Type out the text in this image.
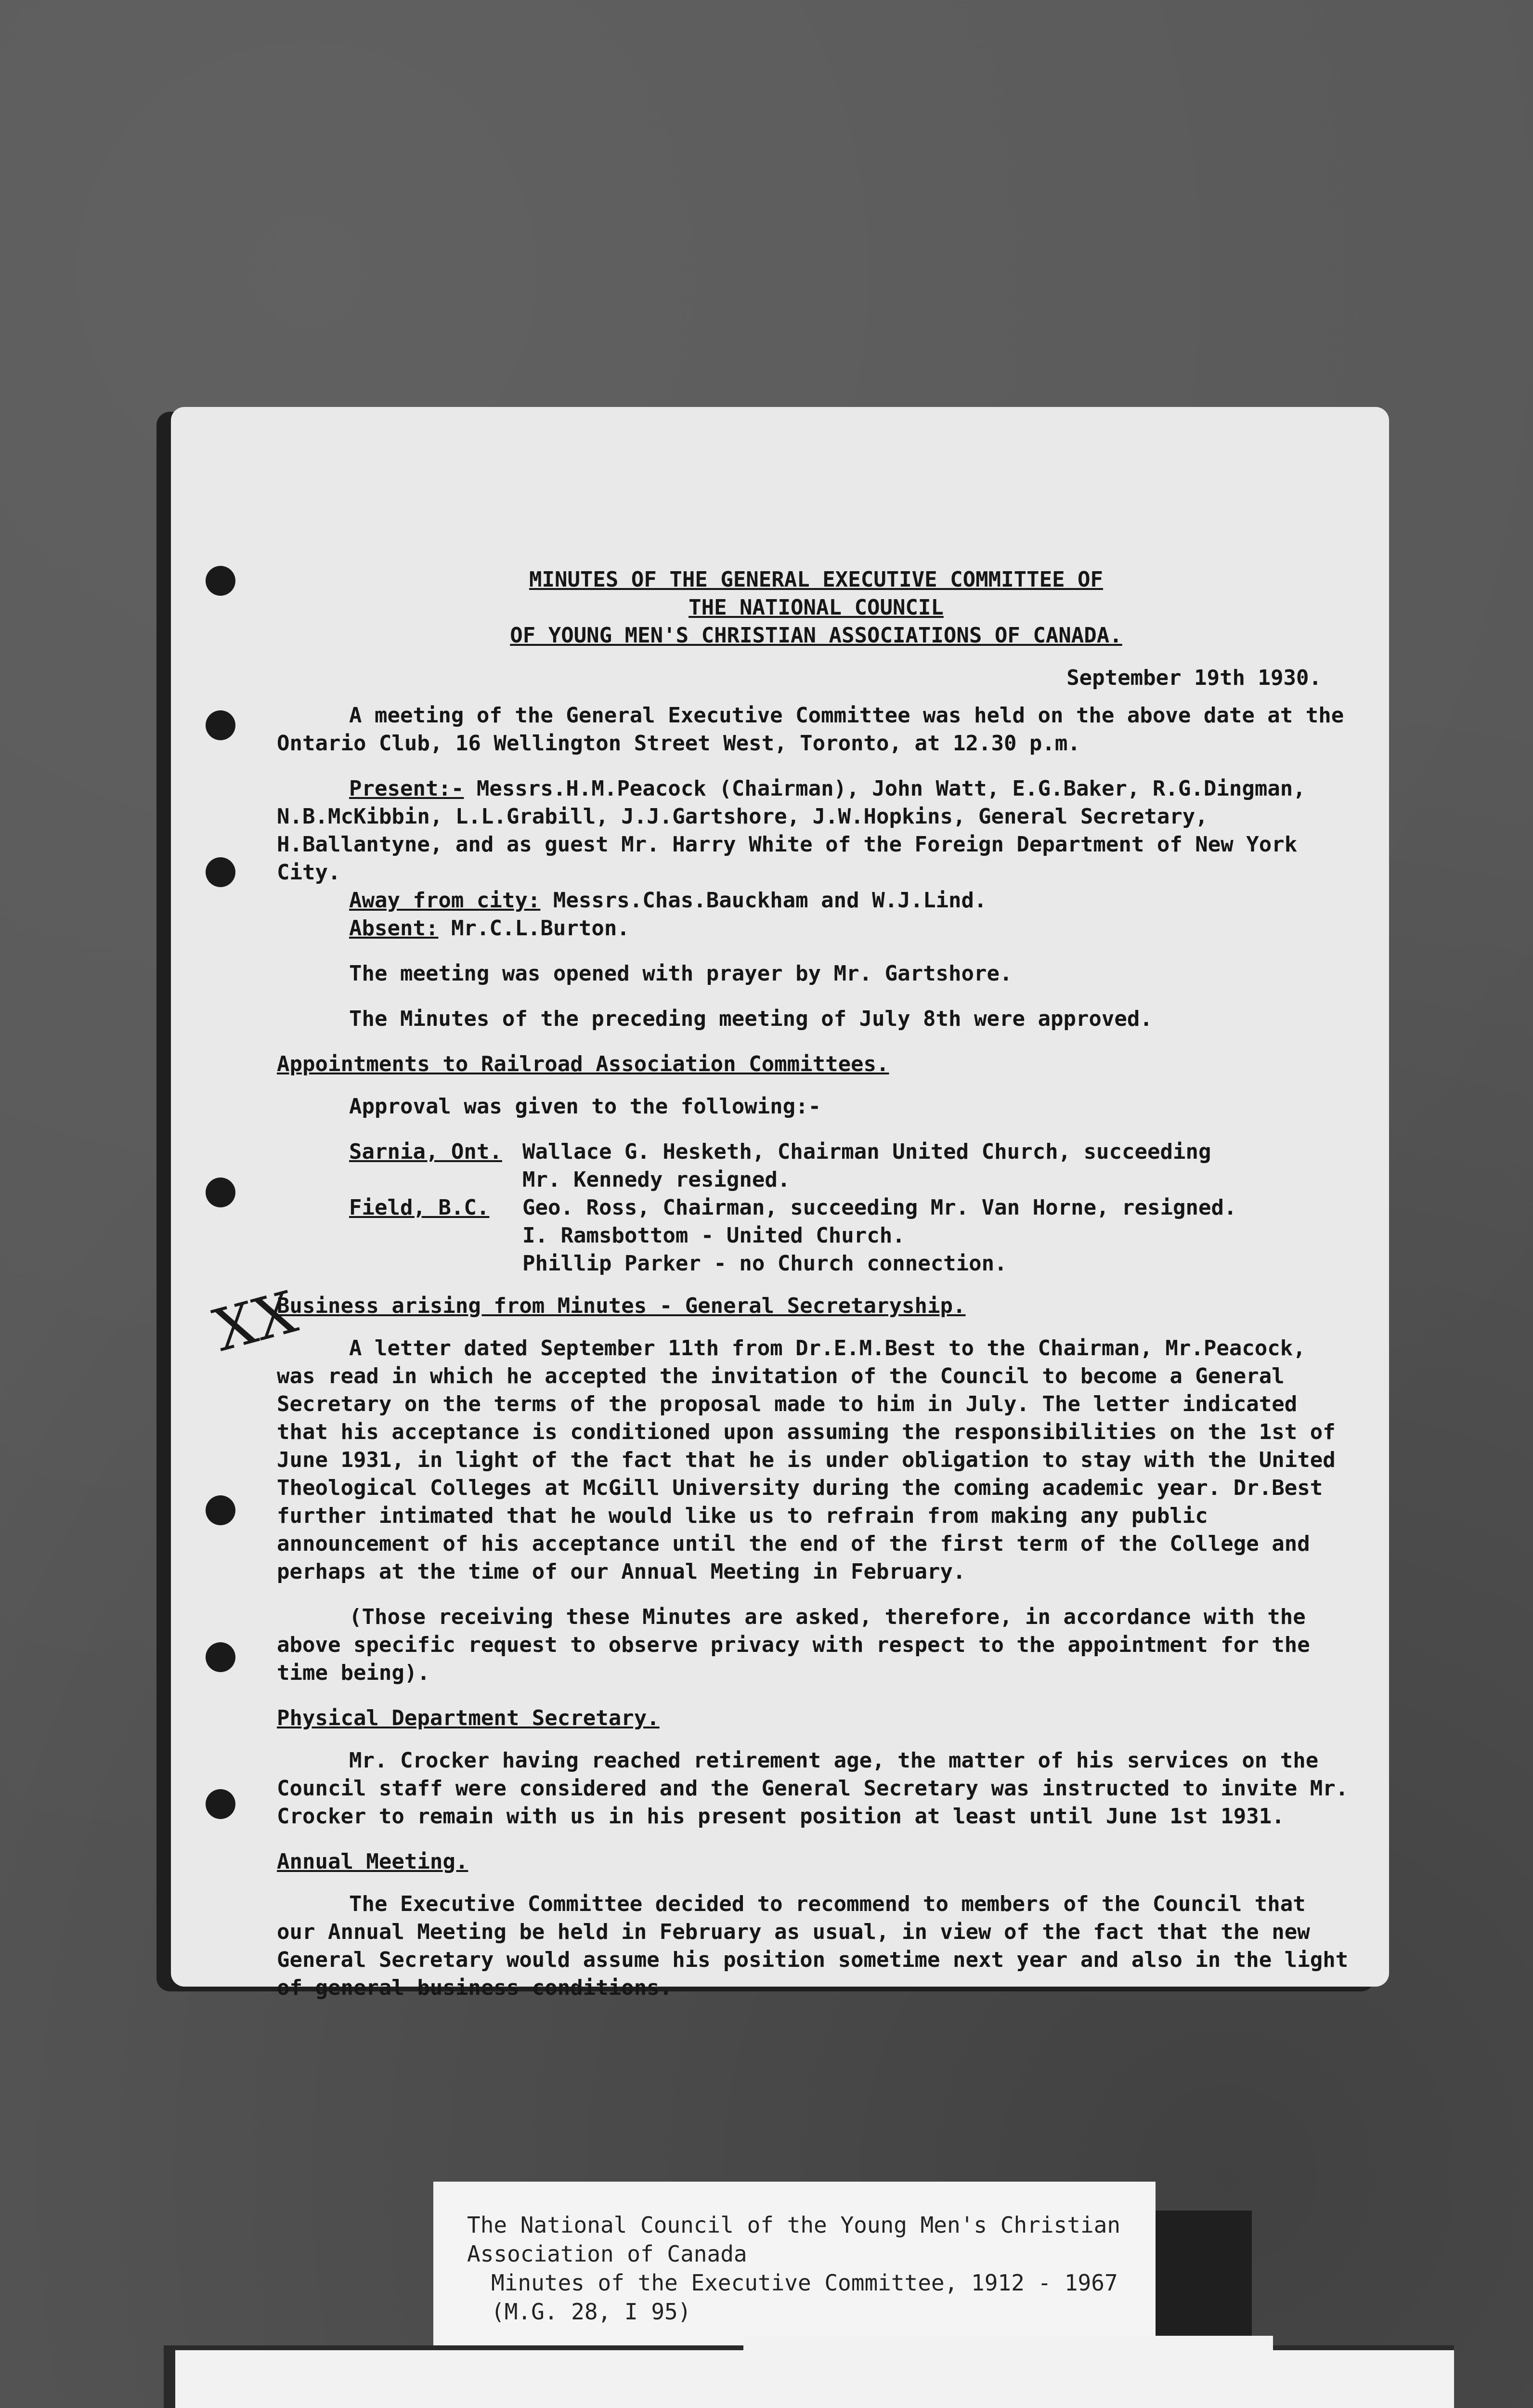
XX
MINUTES OF THE GENERAL EXECUTIVE COMMITTEE OF
THE NATIONAL COUNCIL
OF YOUNG MEN'S CHRISTIAN ASSOCIATIONS OF CANADA.
September 19th 1930.

A meeting of the General Executive Committee was held on the above date at the Ontario Club, 16 Wellington Street West, Toronto, at 12.30 p.m.

Present:- Messrs.H.M.Peacock (Chairman), John Watt, E.G.Baker, R.G.Dingman, N.B.McKibbin, L.L.Grabill, J.J.Gartshore, J.W.Hopkins, General Secretary, H.Ballantyne, and as guest Mr. Harry White of the Foreign Department of New York City.

Away from city: Messrs.Chas.Bauckham and W.J.Lind.
Absent: Mr.C.L.Burton.

The meeting was opened with prayer by Mr. Gartshore.

The Minutes of the preceding meeting of July 8th were approved.

Appointments to Railroad Association Committees.

Approval was given to the following:-

Sarnia, Ont. Wallace G. Hesketh, Chairman United Church, succeeding
Mr. Kennedy resigned.
Field, B.C.	Geo. Ross, Chairman, succeeding Mr. Van Horne, resigned.
I. Ramsbottom - United Church.
Phillip Parker - no Church connection.
Business arising from Minutes - General Secretaryship.

A letter dated September 11th from Dr.E.M.Best to the Chairman, Mr.Peacock, was read in which he accepted the invitation of the Council to become a General Secretary on the terms of the proposal made to him in July. The letter indicated that his acceptance is conditioned upon assuming the responsibilities on the 1st of June 1931, in light of the fact that he is under obligation to stay with the United Theological Colleges at McGill University during the coming academic year. Dr.Best further intimated that he would like us to refrain from making any public announcement of his acceptance until the end of the first term of the College and perhaps at the time of our Annual Meeting in February.

(Those receiving these Minutes are asked, therefore, in accordance with the above specific request to observe privacy with respect to the appointment for the time being).

Physical Department Secretary.

Mr. Crocker having reached retirement age, the matter of his services on the Council staff were considered and the General Secretary was instructed to invite Mr. Crocker to remain with us in his present position at least until June 1st 1931.

Annual Meeting.

The Executive Committee decided to recommend to members of the Council that our Annual Meeting be held in February as usual, in view of the fact that the new General Secretary would assume his position sometime next year and also in the light of general business conditions.

The National Council of the Young Men's Christian
Association of Canada
Minutes of the Executive Committee, 1912 - 1967
(M.G. 28, I 95)
